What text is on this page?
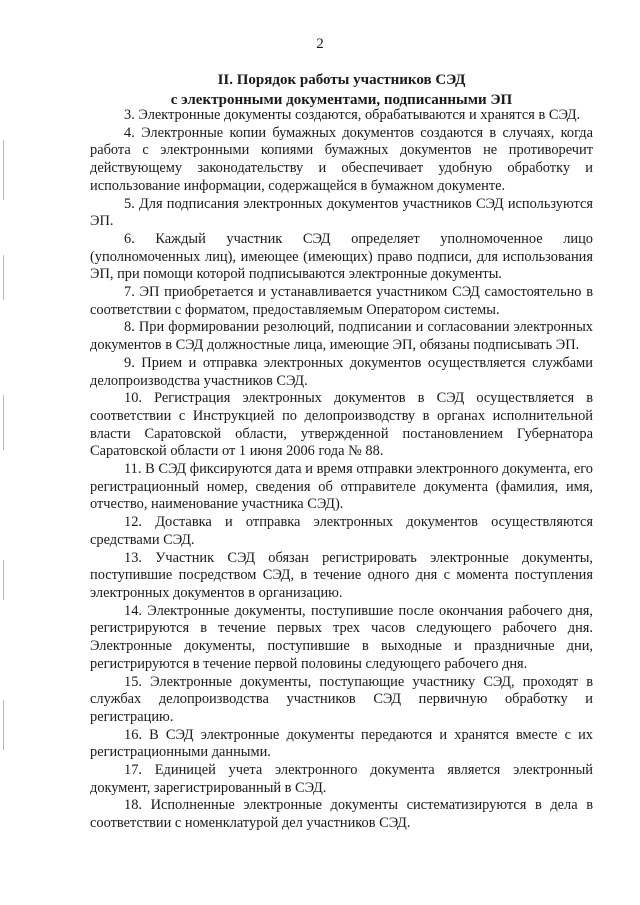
2
II. Порядок работы участников СЭД
с электронными документами, подписанными ЭП

3. Электронные документы создаются, обрабатываются и хранятся в СЭД.

4. Электронные копии бумажных документов создаются в случаях, когда работа с электронными копиями бумажных документов не противоречит действующему законодательству и обеспечивает удобную обработку и использование информации, содержащейся в бумажном документе.

5. Для подписания электронных документов участников СЭД используются ЭП.

6. Каждый участник СЭД определяет уполномоченное лицо (уполномоченных лиц), имеющее (имеющих) право подписи, для использования ЭП, при помощи которой подписываются электронные документы.

7. ЭП приобретается и устанавливается участником СЭД самостоятельно в соответствии с форматом, предоставляемым Оператором системы.

8. При формировании резолюций, подписании и согласовании электронных документов в СЭД должностные лица, имеющие ЭП, обязаны подписывать ЭП.

9. Прием и отправка электронных документов осуществляется службами делопроизводства участников СЭД.

10. Регистрация электронных документов в СЭД осуществляется в соответствии с Инструкцией по делопроизводству в органах исполнительной власти Саратовской области, утвержденной постановлением Губернатора Саратовской области от 1 июня 2006 года № 88.

11. В СЭД фиксируются дата и время отправки электронного документа, его регистрационный номер, сведения об отправителе документа (фамилия, имя, отчество, наименование участника СЭД).

12. Доставка и отправка электронных документов осуществляются средствами СЭД.

13. Участник СЭД обязан регистрировать электронные документы, поступившие посредством СЭД, в течение одного дня с момента поступления электронных документов в организацию.

14. Электронные документы, поступившие после окончания рабочего дня, регистрируются в течение первых трех часов следующего рабочего дня. Электронные документы, поступившие в выходные и праздничные дни, регистрируются в течение первой половины следующего рабочего дня.

15. Электронные документы, поступающие участнику СЭД, проходят в службах делопроизводства участников СЭД первичную обработку и регистрацию.

16. В СЭД электронные документы передаются и хранятся вместе с их регистрационными данными.

17. Единицей учета электронного документа является электронный документ, зарегистрированный в СЭД.

18. Исполненные электронные документы систематизируются в дела в соответствии с номенклатурой дел участников СЭД.
